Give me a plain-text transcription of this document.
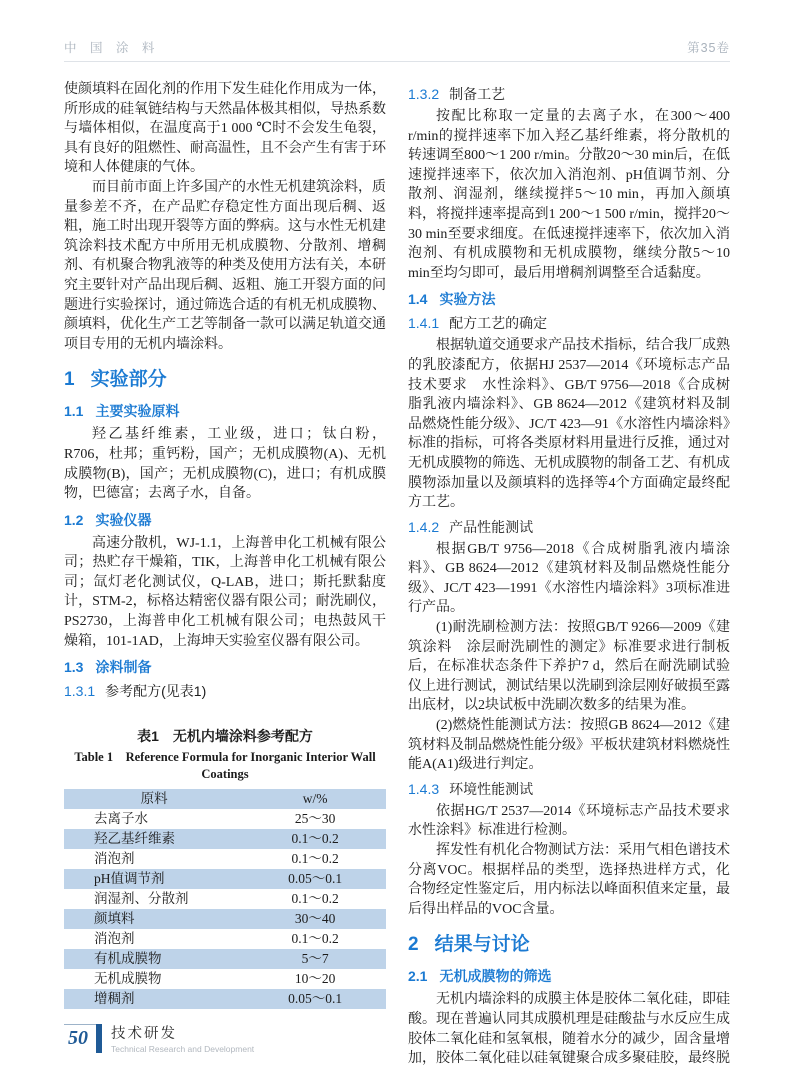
中 国 涂 料	第35卷

使颜填料在固化剂的作用下发生硅化作用成为一体，所形成的硅氧链结构与天然晶体极其相似，导热系数与墙体相似，在温度高于1 000 ℃时不会发生龟裂，具有良好的阻燃性、耐高温性，且不会产生有害于环境和人体健康的气体。

而目前市面上许多国产的水性无机建筑涂料，质量参差不齐，在产品贮存稳定性方面出现后稠、返粗，施工时出现开裂等方面的弊病。这与水性无机建筑涂料技术配方中所用无机成膜物、分散剂、增稠剂、有机聚合物乳液等的种类及使用方法有关，本研究主要针对产品出现后稠、返粗、施工开裂方面的问题进行实验探讨，通过筛选合适的有机无机成膜物、颜填料，优化生产工艺等制备一款可以满足轨道交通项目专用的无机内墙涂料。

1 实验部分
1.1 主要实验原料

羟乙基纤维素，工业级，进口；钛白粉，R706，杜邦；重钙粉，国产；无机成膜物(A)、无机成膜物(B)，国产；无机成膜物(C)，进口；有机成膜物，巴德富；去离子水，自备。

1.2 实验仪器

高速分散机，WJ-1.1，上海普申化工机械有限公司；热贮存干燥箱，TIK，上海普申化工机械有限公司；氙灯老化测试仪，Q-LAB，进口；斯托默黏度计，STM-2，标格达精密仪器有限公司；耐洗刷仪，PS2730，上海普申化工机械有限公司；电热鼓风干燥箱，101-1AD，上海坤天实验室仪器有限公司。

1.3 涂料制备
1.3.1 参考配方(见表1)
表1　无机内墙涂料参考配方
Table 1　Reference Formula for Inorganic Interior Wall Coatings
原料	w/%
去离子水	25～30
羟乙基纤维素	0.1～0.2
消泡剂	0.1～0.2
pH值调节剂	0.05～0.1
润湿剂、分散剂	0.1～0.2
颜填料	30～40
消泡剂	0.1～0.2
有机成膜物	5～7
无机成膜物	10～20
增稠剂	0.05～0.1
1.3.2 制备工艺

按配比称取一定量的去离子水，在300～400 r/min的搅拌速率下加入羟乙基纤维素，将分散机的转速调至800～1 200 r/min。分散20～30 min后，在低速搅拌速率下，依次加入消泡剂、pH值调节剂、分散剂、润湿剂，继续搅拌5～10 min，再加入颜填料，将搅拌速率提高到1 200～1 500 r/min，搅拌20～30 min至要求细度。在低速搅拌速率下，依次加入消泡剂、有机成膜物和无机成膜物，继续分散5～10 min至均匀即可，最后用增稠剂调整至合适黏度。

1.4 实验方法
1.4.1 配方工艺的确定

根据轨道交通要求产品技术指标，结合我厂成熟的乳胶漆配方，依据HJ 2537—2014《环境标志产品技术要求　水性涂料》、GB/T 9756—2018《合成树脂乳液内墙涂料》、GB 8624—2012《建筑材料及制品燃烧性能分级》、JC/T 423—91《水溶性内墙涂料》标准的指标，可将各类原材料用量进行反推，通过对无机成膜物的筛选、无机成膜物的制备工艺、有机成膜物添加量以及颜填料的选择等4个方面确定最终配方工艺。

1.4.2 产品性能测试

根据GB/T 9756—2018《合成树脂乳液内墙涂料》、GB 8624—2012《建筑材料及制品燃烧性能分级》、JC/T 423—1991《水溶性内墙涂料》3项标准进行产品。

(1)耐洗刷检测方法：按照GB/T 9266—2009《建筑涂料　涂层耐洗刷性的测定》标准要求进行制板后，在标准状态条件下养护7 d，然后在耐洗刷试验仪上进行测试，测试结果以洗刷到涂层刚好破损至露出底材，以2块试板中洗刷次数多的结果为准。

(2)燃烧性能测试方法：按照GB 8624—2012《建筑材料及制品燃烧性能分级》平板状建筑材料燃烧性能A(A1)级进行判定。

1.4.3 环境性能测试

依据HG/T 2537—2014《环境标志产品技术要求水性涂料》标准进行检测。

挥发性有机化合物测试方法：采用气相色谱技术分离VOC。根据样品的类型，选择热进样方式，化合物经定性鉴定后，用内标法以峰面积值来定量，最后得出样品的VOC含量。

2 结果与讨论
2.1 无机成膜物的筛选

无机内墙涂料的成膜主体是胶体二氧化硅，即硅酸。现在普遍认同其成膜机理是硅酸盐与水反应生成胶体二氧化硅和氢氧根，随着水分的减少，固含量增加，胶体二氧化硅以硅氧键聚合成多聚硅胶，最终脱

50	技术研发
Technical Research and Development
